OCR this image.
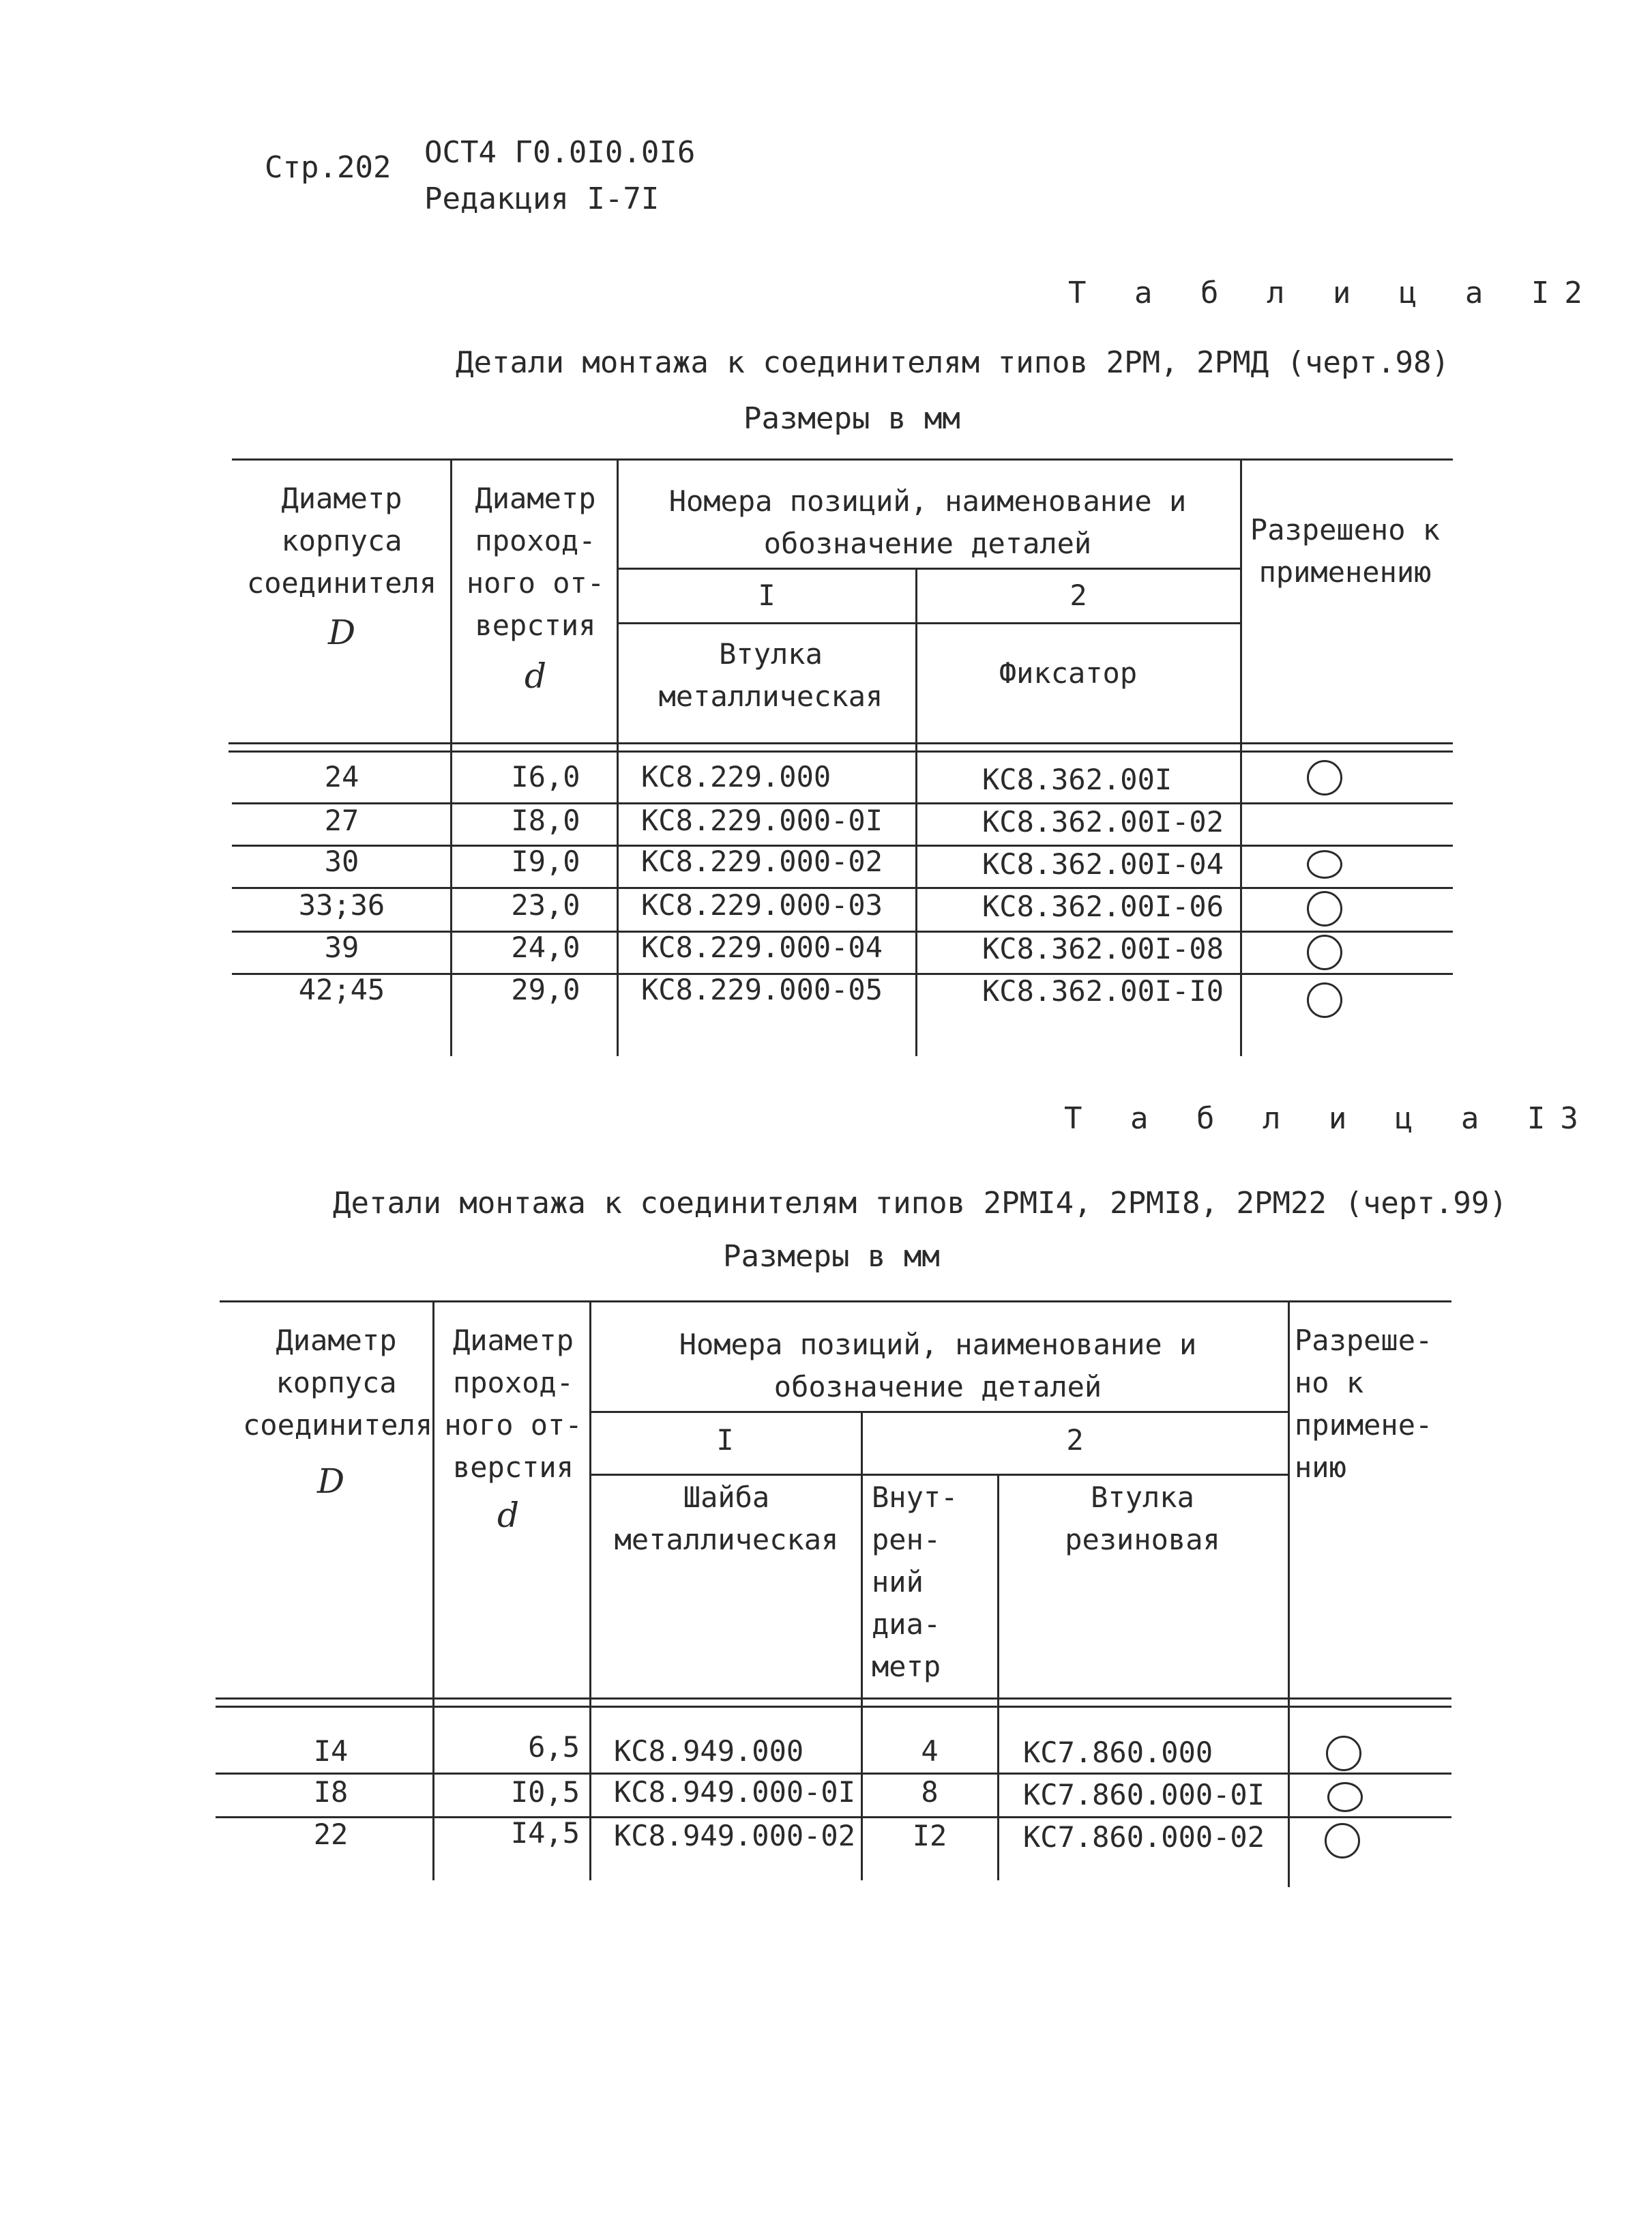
Стр.202 ОСТ4 Г0.0I0.0I6
Редакция I-7I
Т а б л и ц а I2
Детали монтажа к соединителям типов 2РМ, 2РМД (черт.98)
Размеры в мм
Диаметр корпуса соединителя
D
Диаметр проход-ного от-верстия
d
Номера позиций, наименование и обозначение деталей
I	2
Втулка металлическая
Фиксатор
Разрешено к применению
24	I6,0	КС8.229.000	КС8.362.00I
27	I8,0	КС8.229.000-0I	КС8.362.00I-02
30	I9,0	КС8.229.000-02	КС8.362.00I-04
33;36	23,0	КС8.229.000-03	КС8.362.00I-06
39	24,0	КС8.229.000-04	КС8.362.00I-08
42;45	29,0	КС8.229.000-05	КС8.362.00I-I0
Т а б л и ц а I3
Детали монтажа к соединителям типов 2РМI4, 2РМI8, 2РМ22 (черт.99)
Размеры в мм
Диаметр корпуса соединителя
D
Диаметр проход-ного от-верстия
d
Номера позиций, наименование и обозначение деталей
I	2
Шайба металлическая
Внут-рен-ний диа-метр
Втулка резиновая
Разреше-но к примене-нию
I4	6,5 КС8.949.000	4	КС7.860.000
I8	I0,5 КС8.949.000-0I	8	КС7.860.000-0I
22	I4,5 КС8.949.000-02	I2	КС7.860.000-02
